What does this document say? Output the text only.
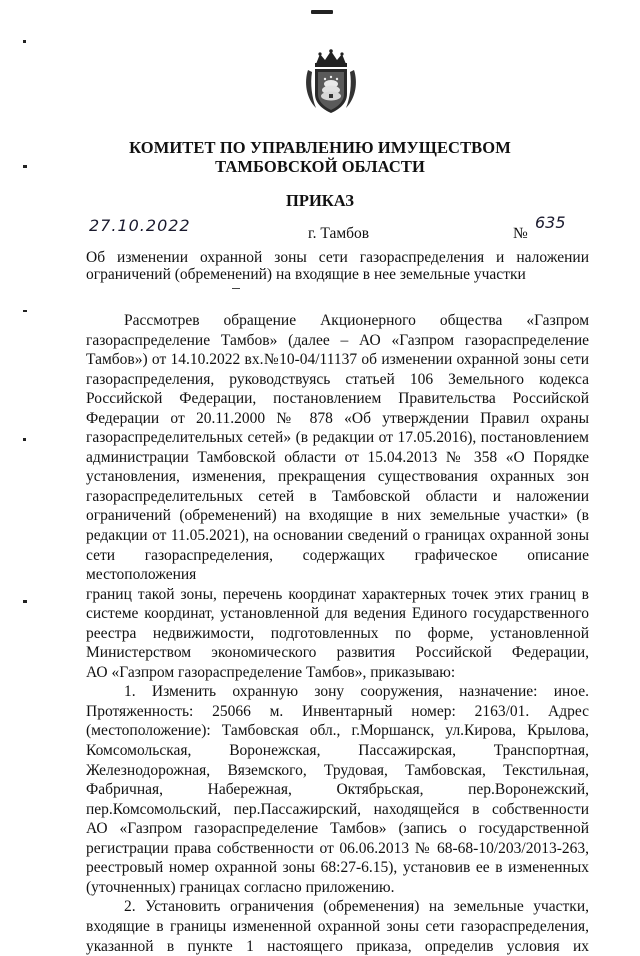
КОМИТЕТ ПО УПРАВЛЕНИЮ ИМУЩЕСТВОМ
ТАМБОВСКОЙ ОБЛАСТИ
ПРИКАЗ
27.10.2022	г. Тамбов	№
635
Об изменении охранной зоны сети газораспределения и наложении
ограничений (обременений) на входящие в нее земельные участки
Рассмотрев обращение Акционерного общества «Газпром
газораспределение Тамбов» (далее – АО «Газпром газораспределение
Тамбов») от 14.10.2022 вх.№10-04/11137 об изменении охранной зоны сети
газораспределения, руководствуясь статьей 106 Земельного кодекса
Российской Федерации, постановлением Правительства Российской
Федерации от 20.11.2000 № 878 «Об утверждении Правил охраны
газораспределительных сетей» (в редакции от 17.05.2016), постановлением
администрации Тамбовской области от 15.04.2013 № 358 «О Порядке
установления, изменения, прекращения существования охранных зон
газораспределительных сетей в Тамбовской области и наложении
ограничений (обременений) на входящие в них земельные участки» (в
редакции от 11.05.2021), на основании сведений о границах охранной зоны
сети газораспределения, содержащих графическое описание местоположения
границ такой зоны, перечень координат характерных точек этих границ в
системе координат, установленной для ведения Единого государственного
реестра недвижимости, подготовленных по форме, установленной
Министерством экономического развития Российской Федерации,
АО «Газпром газораспределение Тамбов», приказываю:
1. Изменить охранную зону сооружения, назначение: иное.
Протяженность: 25066 м. Инвентарный номер: 2163/01. Адрес
(местоположение): Тамбовская обл., г.Моршанск, ул.Кирова, Крылова,
Комсомольская, Воронежская, Пассажирская, Транспортная,
Железнодорожная, Вяземского, Трудовая, Тамбовская, Текстильная,
Фабричная, Набережная, Октябрьская, пер.Воронежский,
пер.Комсомольский, пер.Пассажирский, находящейся в собственности
АО «Газпром газораспределение Тамбов» (запись о государственной
регистрации права собственности от 06.06.2013 № 68-68-10/203/2013-263,
реестровый номер охранной зоны 68:27-6.15), установив ее в измененных
(уточненных) границах согласно приложению.
2. Установить ограничения (обременения) на земельные участки,
входящие в границы измененной охранной зоны сети газораспределения,
указанной в пункте 1 настоящего приказа, определив условия их
